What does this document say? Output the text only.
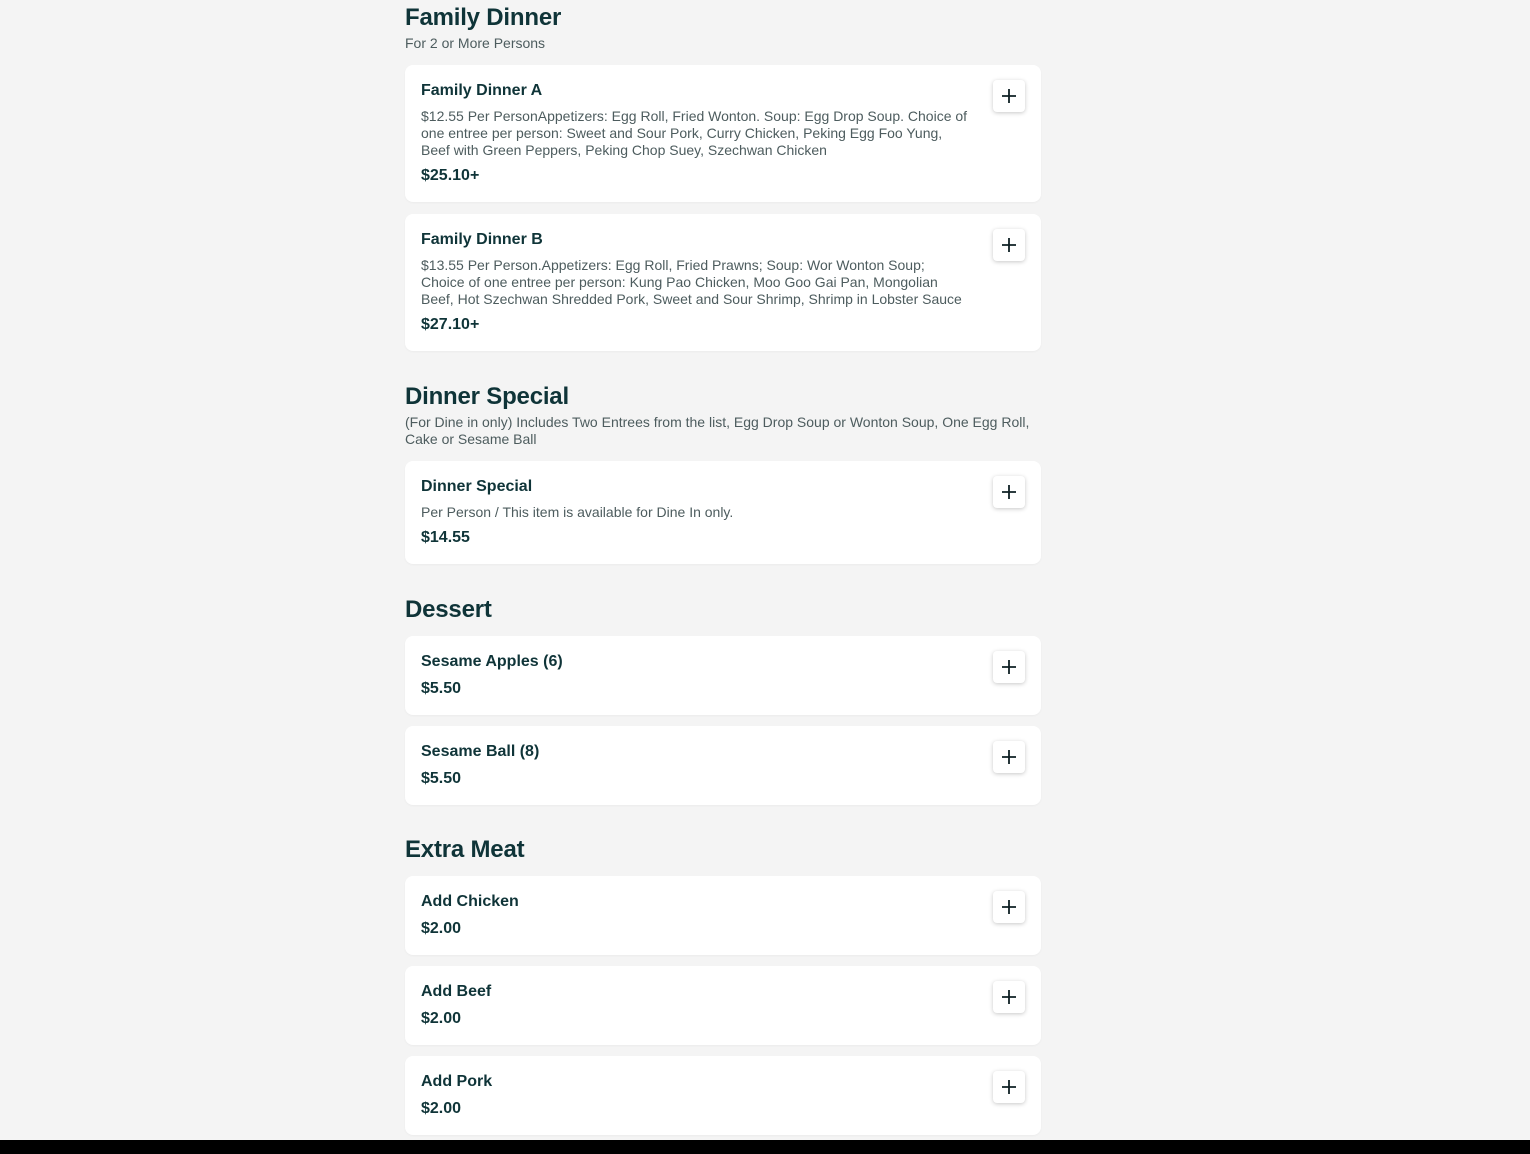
Family Dinner
For 2 or More Persons
Family Dinner A
$12.55 Per PersonAppetizers: Egg Roll, Fried Wonton. Soup: Egg Drop Soup. Choice of one entree per person: Sweet and Sour Pork, Curry Chicken, Peking Egg Foo Yung, Beef with Green Peppers, Peking Chop Suey, Szechwan Chicken
$25.10+
Family Dinner B
$13.55 Per Person.Appetizers: Egg Roll, Fried Prawns; Soup: Wor Wonton Soup; Choice of one entree per person: Kung Pao Chicken, Moo Goo Gai Pan, Mongolian Beef, Hot Szechwan Shredded Pork, Sweet and Sour Shrimp, Shrimp in Lobster Sauce
$27.10+
Dinner Special
(For Dine in only) Includes Two Entrees from the list, Egg Drop Soup or Wonton Soup, One Egg Roll, Cake or Sesame Ball
Dinner Special
Per Person / This item is available for Dine In only.
$14.55
Dessert
Sesame Apples (6)
$5.50
Sesame Ball (8)
$5.50
Extra Meat
Add Chicken
$2.00
Add Beef
$2.00
Add Pork
$2.00
